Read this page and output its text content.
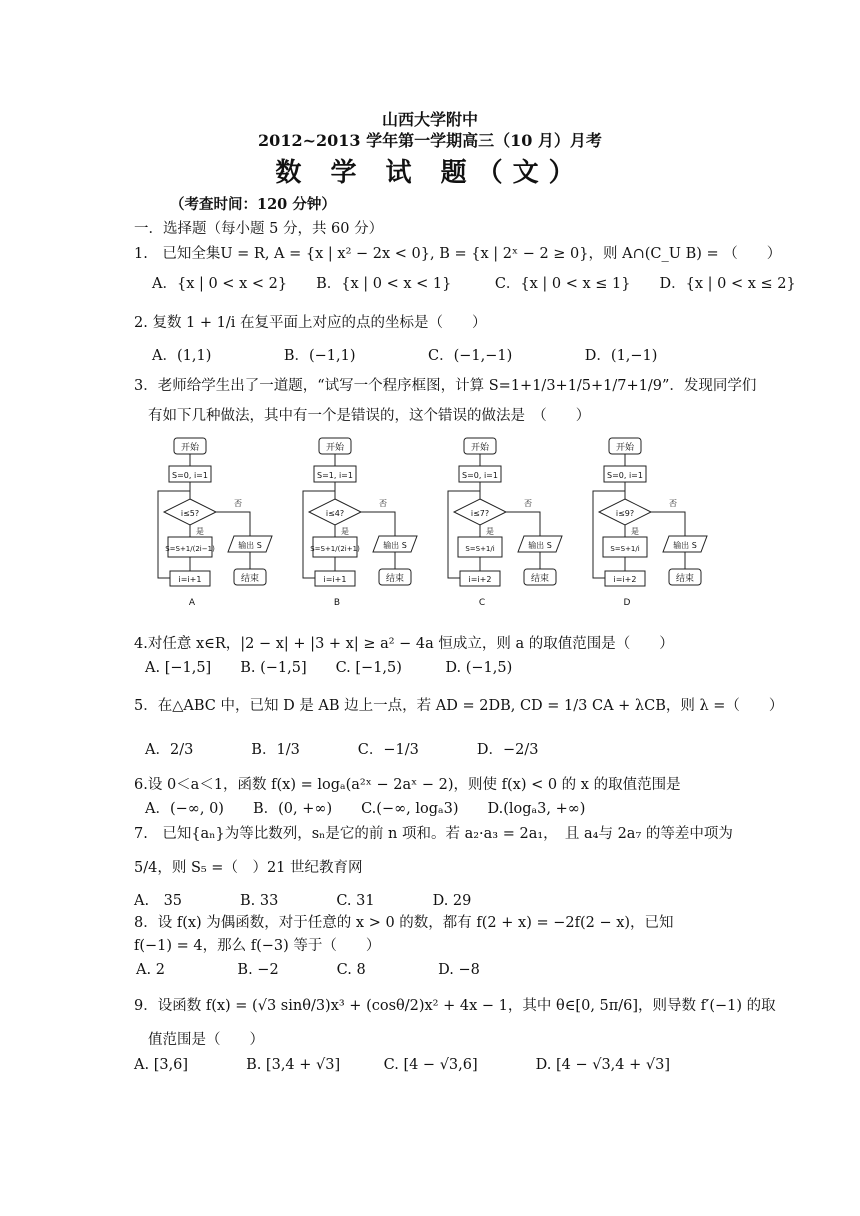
山西大学附中
2012~2013 学年第一学期高三（10 月）月考
数 学 试 题（文）
（考查时间：120 分钟）
一．选择题（每小题 5 分，共 60 分）
1.　已知全集U = R, A = {x | x² − 2x < 0}, B = {x | 2ˣ − 2 ≥ 0}，则 A∩(C_U B) = （　　）
A．{x | 0 < x < 2}　　B．{x | 0 < x < 1}　　　C．{x | 0 < x ≤ 1}　　D．{x | 0 < x ≤ 2}
2. 复数 1 + 1/i 在复平面上对应的点的坐标是（　　）
A．(1,1)　　　　　B．(−1,1)　　　　　C．(−1,−1)　　　　　D．(1,−1)
3．老师给学生出了一道题，“试写一个程序框图，计算 S=1+1/3+1/5+1/7+1/9”．发现同学们
有如下几种做法，其中有一个是错误的，这个错误的做法是　（　　）
开始
S=0, i=1
i≤5?
否
输出 S
结束
是
S=S+1/(2i−1)
i=i+1
A
开始
S=1, i=1
i≤4?
否
输出 S
结束
是
S=S+1/(2i+1)
i=i+1
B
开始
S=0, i=1
i≤7?
否
输出 S
结束
是
S=S+1/i
i=i+2
C
开始
S=0, i=1
i≤9?
否
输出 S
结束
是
S=S+1/i
i=i+2
D
4.对任意 x∈R，|2 − x| + |3 + x| ≥ a² − 4a 恒成立，则 a 的取值范围是（　　）
A. [−1,5]　　B. (−1,5]　　C. [−1,5)　　　D. (−1,5)
5．在△ABC 中，已知 D 是 AB 边上一点，若 AD = 2DB, CD = 1/3 CA + λCB，则 λ =（　　）
A．2/3　　　　B．1/3　　　　C．−1/3　　　　D．−2/3
6.设 0＜a＜1，函数 f(x) = logₐ(a²ˣ − 2aˣ − 2)，则使 f(x) < 0 的 x 的取值范围是
A．(−∞, 0)　　B．(0, +∞)　　C.(−∞, logₐ3)　　D.(logₐ3, +∞)
7.　已知{aₙ}为等比数列，sₙ是它的前 n 项和。若 a₂·a₃ = 2a₁，　且 a₄与 2a₇ 的等差中项为
5/4，则 S₅ =（　）21 世纪教育网
A.　35　　　　B. 33　　　　C. 31　　　　D. 29
8．设 f(x) 为偶函数，对于任意的 x > 0 的数，都有 f(2 + x) = −2f(2 − x)，已知
f(−1) = 4，那么 f(−3) 等于（　　）
A. 2　　　　　B. −2　　　　C. 8　　　　　D. −8
9．设函数 f(x) = (√3 sinθ/3)x³ + (cosθ/2)x² + 4x − 1，其中 θ∈[0, 5π/6]，则导数 f′(−1) 的取
值范围是（　　）
A. [3,6]　　　　B. [3,4 + √3]　　　C. [4 − √3,6]　　　　D. [4 − √3,4 + √3]
